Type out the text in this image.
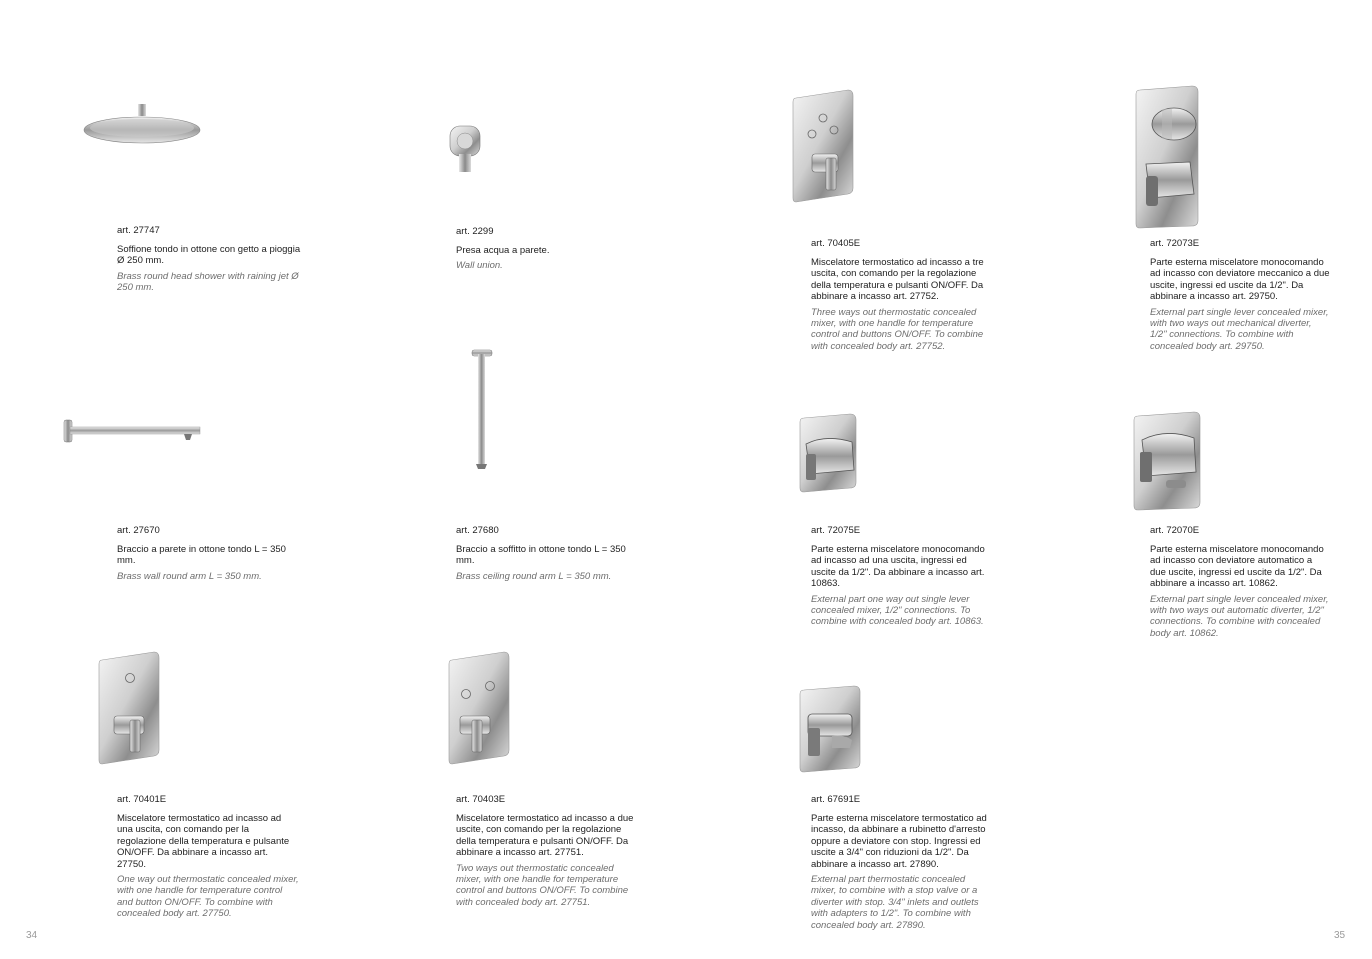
art. 27747

Soffione tondo in ottone con getto a pioggia Ø 250 mm.

Brass round head shower with raining jet Ø 250 mm.

art. 2299

Presa acqua a parete.

Wall union.

art. 70405E

Miscelatore termostatico ad incasso a tre uscita, con comando per la regolazione della temperatura e pulsanti ON/OFF. Da abbinare a incasso art. 27752.

Three ways out thermostatic concealed mixer, with one handle for temperature control and buttons ON/OFF. To combine with concealed body art. 27752.

art. 72073E

Parte esterna miscelatore monocomando ad incasso con deviatore meccanico a due uscite, ingressi ed uscite da 1/2". Da abbinare a incasso art. 29750.

External part single lever concealed mixer, with two ways out mechanical diverter, 1/2" connections. To combine with concealed body art. 29750.

art. 27670

Braccio a parete in ottone tondo L = 350 mm.

Brass wall round arm L = 350 mm.

art. 27680

Braccio a soffitto in ottone tondo L = 350 mm.

Brass ceiling round arm L = 350 mm.

art. 72075E

Parte esterna miscelatore monocomando ad incasso ad una uscita, ingressi ed uscite da 1/2". Da abbinare a incasso art. 10863.

External part one way out single lever concealed mixer, 1/2" connections. To combine with concealed body art. 10863.

art. 72070E

Parte esterna miscelatore monocomando ad incasso con deviatore automatico a due uscite, ingressi ed uscite da 1/2". Da abbinare a incasso art. 10862.

External part single lever concealed mixer, with two ways out automatic diverter, 1/2" connections. To combine with concealed body art. 10862.

art. 70401E

Miscelatore termostatico ad incasso ad una uscita, con comando per la regolazione della temperatura e pulsante ON/OFF. Da abbinare a incasso art. 27750.

One way out thermostatic concealed mixer, with one handle for temperature control and button ON/OFF. To combine with concealed body art. 27750.

art. 70403E

Miscelatore termostatico ad incasso a due uscite, con comando per la regolazione della temperatura e pulsanti ON/OFF. Da abbinare a incasso art. 27751.

Two ways out thermostatic concealed mixer, with one handle for temperature control and buttons ON/OFF. To combine with concealed body art. 27751.

art. 67691E

Parte esterna miscelatore termostatico ad incasso, da abbinare a rubinetto d'arresto oppure a deviatore con stop. Ingressi ed uscite a 3/4" con riduzioni da 1/2". Da abbinare a incasso art. 27890.

External part thermostatic concealed mixer, to combine with a stop valve or a diverter with stop. 3/4" inlets and outlets with adapters to 1/2". To combine with concealed body art. 27890.

34	35
